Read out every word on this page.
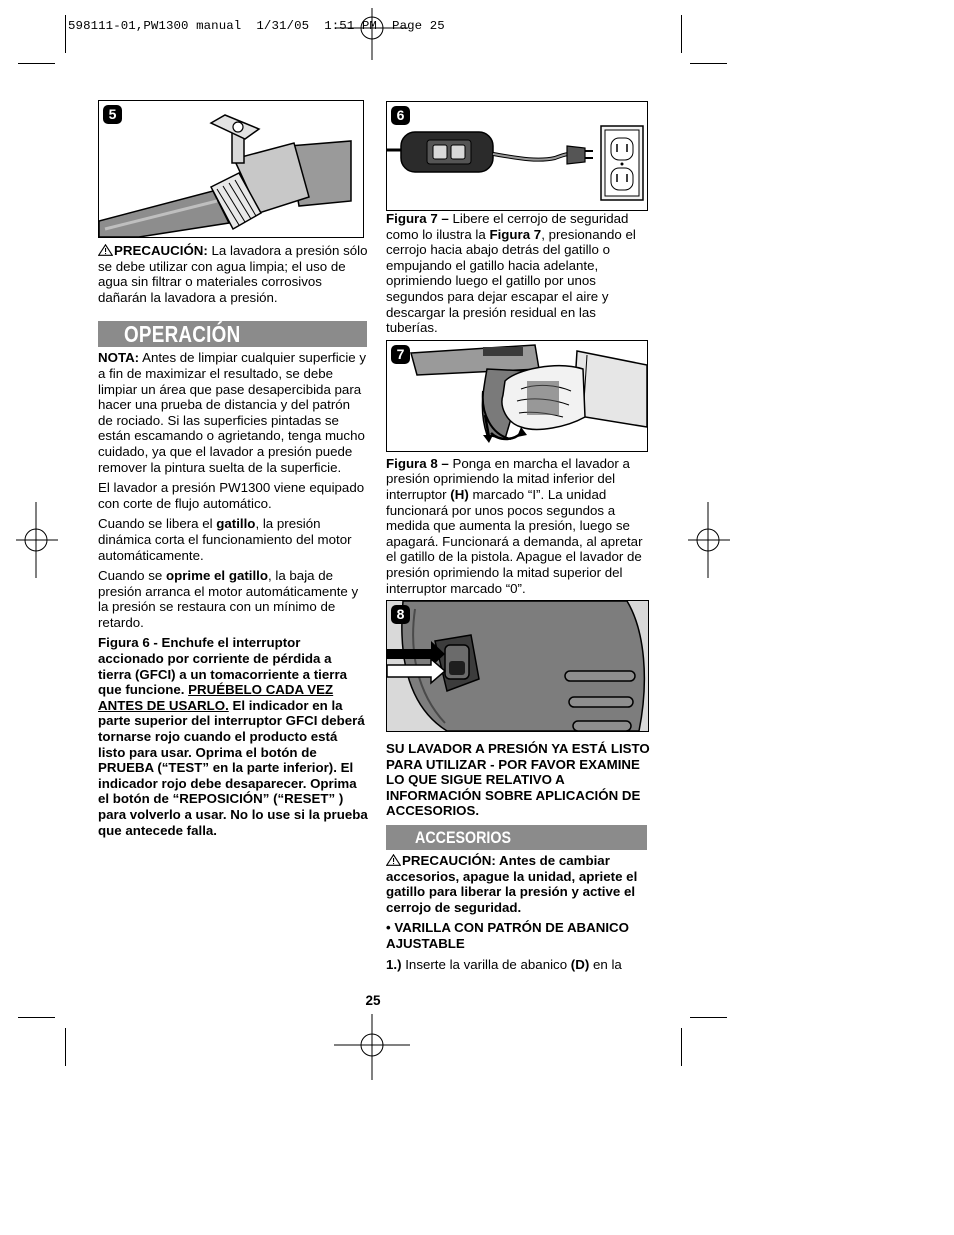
598111-01,PW1300 manual  1/31/05  1:51 PM  Page 25
5

PRECAUCIÓN: La lavadora a presión sólo se debe utilizar con agua limpia; el uso de agua sin filtrar o materiales corrosivos dañarán la lavadora a presión.

OPERACIÓN

NOTA: Antes de limpiar cualquier superficie y a fin de maximizar el resultado, se debe limpiar un área que pase desapercibida para hacer una prueba de distancia y del patrón de rociado. Si las superficies pintadas se están escamando o agrietando, tenga mucho cuidado, ya que el lavador a presión puede remover la pintura suelta de la superficie.

El lavador a presión PW1300 viene equipado con corte de flujo automático.

Cuando se libera el gatillo, la presión dinámica corta el funcionamiento del motor automáticamente.

Cuando se oprime el gatillo, la baja de presión arranca el motor automáticamente y la presión se restaura con un mínimo de retardo.

Figura 6 - Enchufe el interruptor accionado por corriente de pérdida a tierra (GFCI) a un tomacorriente a tierra que funcione. PRUÉBELO CADA VEZ ANTES DE USARLO. El indicador en la parte superior del interruptor GFCI deberá tornarse rojo cuando el producto está listo para usar. Oprima el botón de PRUEBA (“TEST” en la parte inferior). El indicador rojo debe desaparecer. Oprima el botón de “REPOSICIÓN” (“RESET” ) para volverlo a usar. No lo use si la prueba que antecede falla.

6

Figura 7 – Libere el cerrojo de seguridad como lo ilustra la Figura 7, presionando el cerrojo hacia abajo detrás del gatillo o empujando el gatillo hacia adelante, oprimiendo luego el gatillo por unos segundos para dejar escapar el aire y descargar la presión residual en las tuberías.

7

Figura 8 – Ponga en marcha el lavador a presión oprimiendo la mitad inferior del interruptor (H) marcado “I”. La unidad funcionará por unos pocos segundos a medida que aumenta la presión, luego se apagará. Funcionará a demanda, al apretar el gatillo de la pistola. Apague el lavador de presión oprimiendo la mitad superior del interruptor marcado “0”.

8

SU LAVADOR A PRESIÓN YA ESTÁ LISTO PARA UTILIZAR - POR FAVOR EXAMINE LO QUE SIGUE RELATIVO A INFORMACIÓN SOBRE APLICACIÓN DE ACCESORIOS.

ACCESORIOS

PRECAUCIÓN: Antes de cambiar accesorios, apague la unidad, apriete el gatillo para liberar la presión y active el cerrojo de seguridad.

• VARILLA CON PATRÓN DE ABANICO AJUSTABLE

1.) Inserte la varilla de abanico (D) en la

25
